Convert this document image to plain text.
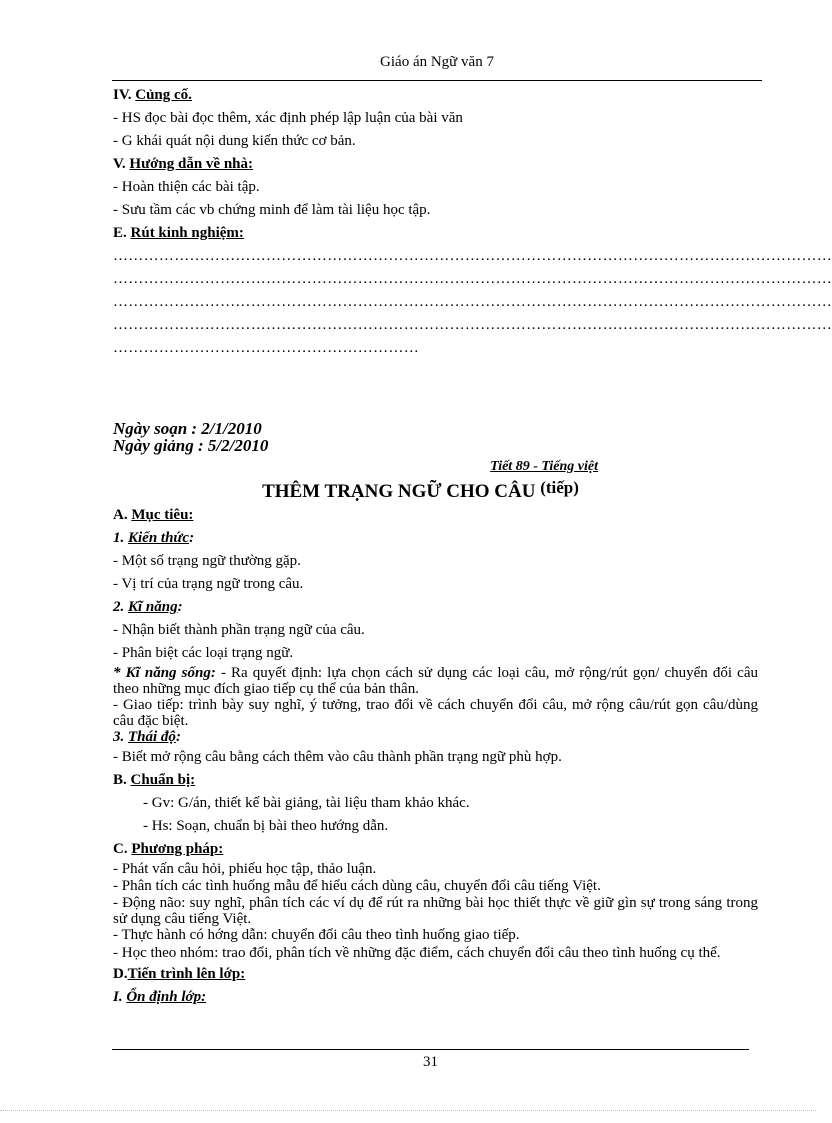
Giáo án Ngữ văn 7
IV. Củng cố.
- HS đọc bài đọc thêm, xác định phép lập luận của bài văn
- G khái quát nội dung kiến thức cơ bản.
V. Hướng dẫn về nhà:
- Hoàn thiện các bài tập.
- Sưu tầm các vb chứng minh để làm tài liệu học tập.
E. Rút kinh nghiệm:
……………………………………………………………………………………………………………………………
……………………………………………………………………………………………………………………………
……………………………………………………………………………………………………………………………
……………………………………………………………………………………………………………………………
……………………………………………………
Ngày soạn : 2/1/2010
Ngày giảng : 5/2/2010
Tiết 89 - Tiếng việt
THÊM TRẠNG NGỮ CHO CÂU $^{(tiếp)}$
A. Mục tiêu:
1. Kiến thức:
- Một số trạng ngữ thường gặp.
- Vị trí của trạng ngữ trong câu.
2. Kĩ năng:
- Nhận biết thành phần trạng ngữ của câu.
- Phân biệt các loại trạng ngữ.
* Kĩ năng sống: - Ra quyết định: lựa chọn cách sử dụng các loại câu, mở rộng/rút gọn/ chuyển đổi câu theo những mục đích giao tiếp cụ thể của bản thân.
- Giao tiếp: trình bày suy nghĩ, ý tưởng, trao đổi về cách chuyển đổi câu, mở rộng câu/rút gọn câu/dùng câu đặc biệt.
3. Thái độ:
- Biết mở rộng câu bằng cách thêm vào câu thành phần trạng ngữ phù hợp.
B. Chuẩn bị:
- Gv: G/án, thiết kế bài giảng, tài liệu tham khảo khác.
- Hs: Soạn, chuẩn bị bài theo hướng dẫn.
C. Phương pháp:
- Phát vấn câu hỏi, phiếu học tập, thảo luận.
- Phân tích các tình huống mẫu để hiểu cách dùng câu, chuyển đổi câu tiếng Việt.
- Động não: suy nghĩ, phân tích các ví dụ để rút ra những bài học thiết thực về giữ gìn sự trong sáng trong sử dụng câu tiếng Việt.
- Thực hành có hớng dẫn: chuyển đổi câu theo tình huống giao tiếp.
- Học theo nhóm: trao đổi, phân tích về những đặc điểm, cách chuyển đổi câu theo tình huống cụ thể.
D.Tiến trình lên lớp:
I. Ổn định lớp:
31
